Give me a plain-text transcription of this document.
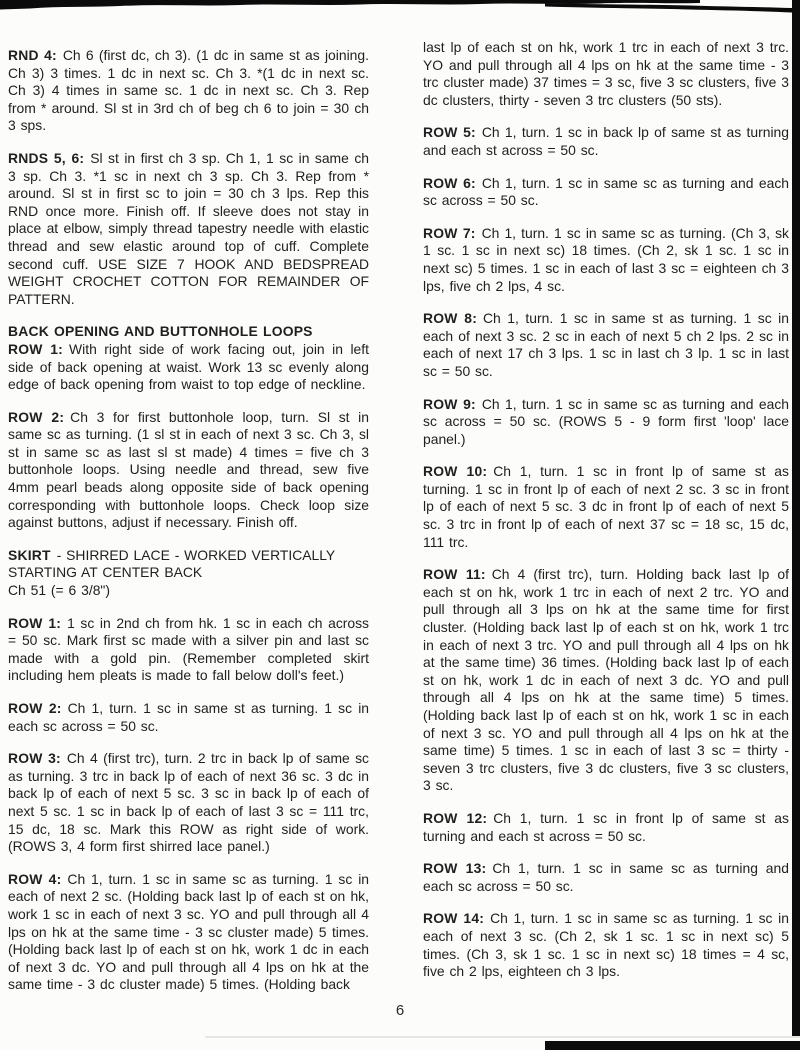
RND 4: Ch 6 (first dc, ch 3). (1 dc in same st as joining. Ch 3) 3 times. 1 dc in next sc. Ch 3. *(1 dc in next sc. Ch 3) 4 times in same sc. 1 dc in next sc. Ch 3. Rep from * around. Sl st in 3rd ch of beg ch 6 to join = 30 ch 3 sps.

RNDS 5, 6: Sl st in first ch 3 sp. Ch 1, 1 sc in same ch 3 sp. Ch 3. *1 sc in next ch 3 sp. Ch 3. Rep from * around. Sl st in first sc to join = 30 ch 3 lps. Rep this RND once more. Finish off. If sleeve does not stay in place at elbow, simply thread tapestry needle with elastic thread and sew elastic around top of cuff. Complete second cuff. USE SIZE 7 HOOK AND BEDSPREAD WEIGHT CROCHET COTTON FOR REMAINDER OF PATTERN.

BACK OPENING AND BUTTONHOLE LOOPS

ROW 1: With right side of work facing out, join in left side of back opening at waist. Work 13 sc evenly along edge of back opening from waist to top edge of neckline.

ROW 2: Ch 3 for first buttonhole loop, turn. Sl st in same sc as turning. (1 sl st in each of next 3 sc. Ch 3, sl st in same sc as last sl st made) 4 times = five ch 3 buttonhole loops. Using needle and thread, sew five 4mm pearl beads along opposite side of back opening corresponding with buttonhole loops. Check loop size against buttons, adjust if necessary. Finish off.

SKIRT - SHIRRED LACE - WORKED VERTICALLY STARTING AT CENTER BACK

Ch 51 (= 6 3/8")

ROW 1: 1 sc in 2nd ch from hk. 1 sc in each ch across = 50 sc. Mark first sc made with a silver pin and last sc made with a gold pin. (Remember completed skirt including hem pleats is made to fall below doll's feet.)

ROW 2: Ch 1, turn. 1 sc in same st as turning. 1 sc in each sc across = 50 sc.

ROW 3: Ch 4 (first trc), turn. 2 trc in back lp of same sc as turning. 3 trc in back lp of each of next 36 sc. 3 dc in back lp of each of next 5 sc. 3 sc in back lp of each of next 5 sc. 1 sc in back lp of each of last 3 sc = 111 trc, 15 dc, 18 sc. Mark this ROW as right side of work. (ROWS 3, 4 form first shirred lace panel.)

ROW 4: Ch 1, turn. 1 sc in same sc as turning. 1 sc in each of next 2 sc. (Holding back last lp of each st on hk, work 1 sc in each of next 3 sc. YO and pull through all 4 lps on hk at the same time - 3 sc cluster made) 5 times. (Holding back last lp of each st on hk, work 1 dc in each of next 3 dc. YO and pull through all 4 lps on hk at the same time - 3 dc cluster made) 5 times. (Holding back

last lp of each st on hk, work 1 trc in each of next 3 trc. YO and pull through all 4 lps on hk at the same time - 3 trc cluster made) 37 times = 3 sc, five 3 sc clusters, five 3 dc clusters, thirty - seven 3 trc clusters (50 sts).

ROW 5: Ch 1, turn. 1 sc in back lp of same st as turning and each st across = 50 sc.

ROW 6: Ch 1, turn. 1 sc in same sc as turning and each sc across = 50 sc.

ROW 7: Ch 1, turn. 1 sc in same sc as turning. (Ch 3, sk 1 sc. 1 sc in next sc) 18 times. (Ch 2, sk 1 sc. 1 sc in next sc) 5 times. 1 sc in each of last 3 sc = eighteen ch 3 lps, five ch 2 lps, 4 sc.

ROW 8: Ch 1, turn. 1 sc in same st as turning. 1 sc in each of next 3 sc. 2 sc in each of next 5 ch 2 lps. 2 sc in each of next 17 ch 3 lps. 1 sc in last ch 3 lp. 1 sc in last sc = 50 sc.

ROW 9: Ch 1, turn. 1 sc in same sc as turning and each sc across = 50 sc. (ROWS 5 - 9 form first 'loop' lace panel.)

ROW 10: Ch 1, turn. 1 sc in front lp of same st as turning. 1 sc in front lp of each of next 2 sc. 3 sc in front lp of each of next 5 sc. 3 dc in front lp of each of next 5 sc. 3 trc in front lp of each of next 37 sc = 18 sc, 15 dc, 111 trc.

ROW 11: Ch 4 (first trc), turn. Holding back last lp of each st on hk, work 1 trc in each of next 2 trc. YO and pull through all 3 lps on hk at the same time for first cluster. (Holding back last lp of each st on hk, work 1 trc in each of next 3 trc. YO and pull through all 4 lps on hk at the same time) 36 times. (Holding back last lp of each st on hk, work 1 dc in each of next 3 dc. YO and pull through all 4 lps on hk at the same time) 5 times. (Holding back last lp of each st on hk, work 1 sc in each of next 3 sc. YO and pull through all 4 lps on hk at the same time) 5 times. 1 sc in each of last 3 sc = thirty - seven 3 trc clusters, five 3 dc clusters, five 3 sc clusters, 3 sc.

ROW 12: Ch 1, turn. 1 sc in front lp of same st as turning and each st across = 50 sc.

ROW 13: Ch 1, turn. 1 sc in same sc as turning and each sc across = 50 sc.

ROW 14: Ch 1, turn. 1 sc in same sc as turning. 1 sc in each of next 3 sc. (Ch 2, sk 1 sc. 1 sc in next sc) 5 times. (Ch 3, sk 1 sc. 1 sc in next sc) 18 times = 4 sc, five ch 2 lps, eighteen ch 3 lps.

6
